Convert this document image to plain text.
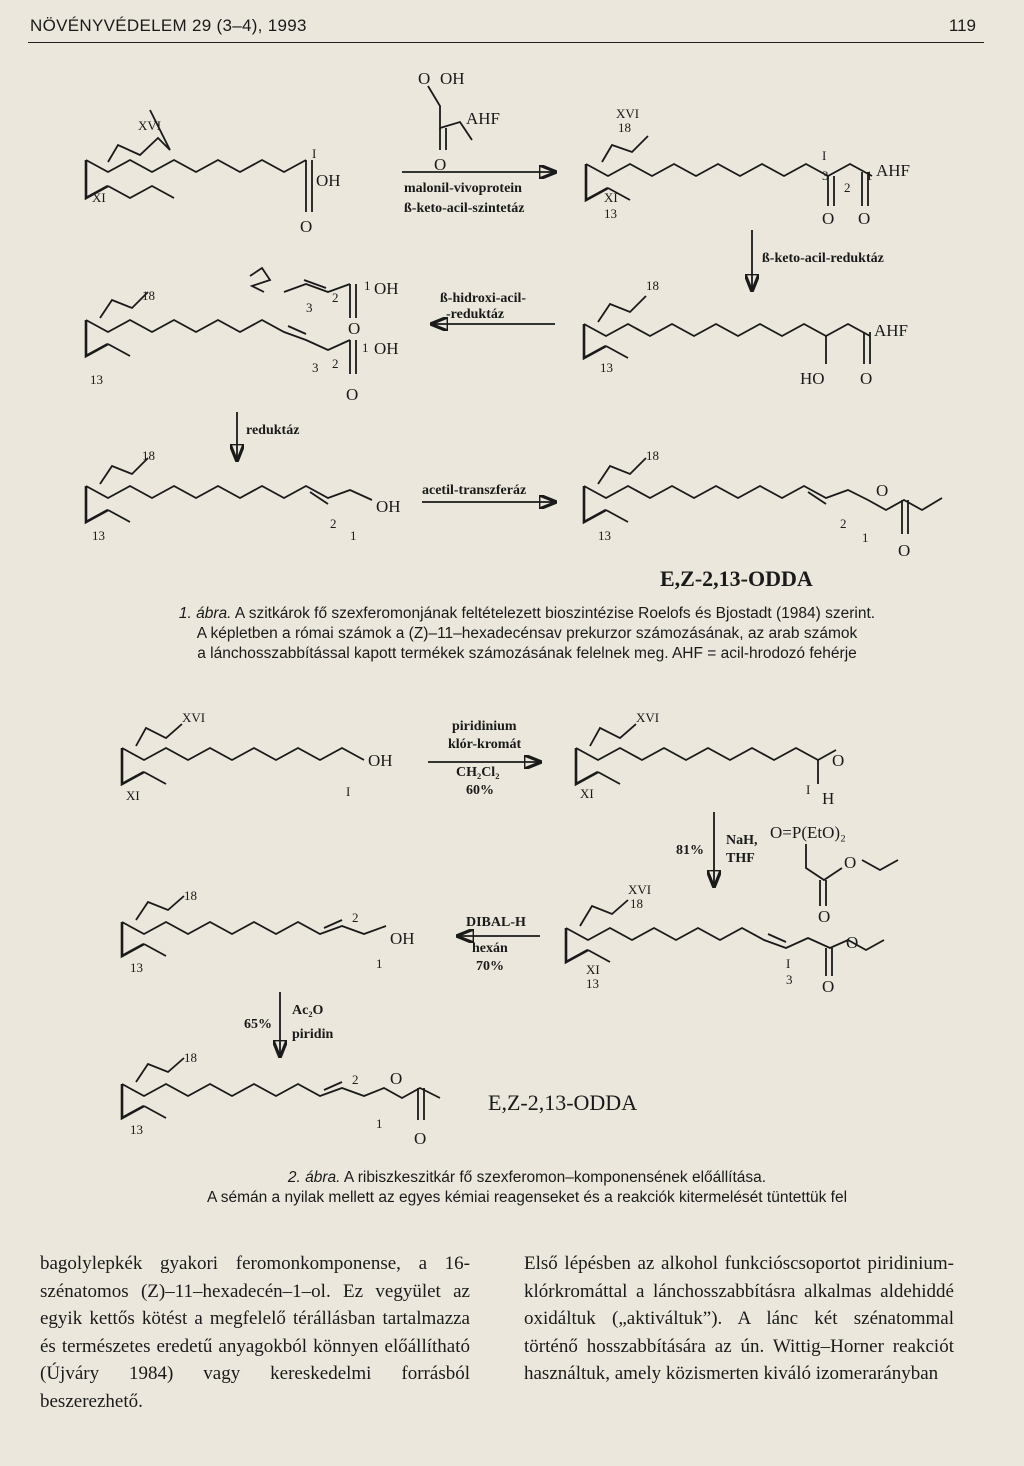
NÖVÉNYVÉDELEM 29 (3–4), 1993	119
OH
O
XVI
XI
I
O OH
AHF
O
malonil-vivoprotein
ß-keto-acil-szintetáz
AHF
O O
XVI
18
XI
13
I
3
2
1
ß-keto-acil-reduktáz
AHF
HO O
18
13
ß-hidroxi-acil-
-reduktáz
OH
O
3
2
1
OH
O
18
13
3 2
1
reduktáz
OH
18
13
2
1
acetil-transzferáz	O
O
18
13
2
1
E,Z-2,13-ODDA

1. ábra. A szitkárok fő szexferomonjának feltételezett bioszintézise Roelofs és Bjostadt (1984) szerint.

A képletben a római számok a (Z)–11–hexadecénsav prekurzor számozásának, az arab számok

a lánchosszabbítással kapott termékek számozásának felelnek meg. AHF = acil-hrodozó fehérje

OH
XVI
XI	I
piridinium
klór-kromát
CH₂Cl₂
60%
O
H
XVI
XI	I
NaH,
THF
81%
O=P(EtO)₂
O
O
O
O
XVI
18
XI
13
I
3
DIBAL-H
hexán
70%
OH
18
13
2
1
Ac₂O
piridin
65%
O
O
18
13
2
1
E,Z-2,13-ODDA

2. ábra. A ribiszkeszitkár fő szexferomon–komponensének előállítása.

A sémán a nyilak mellett az egyes kémiai reagenseket és a reakciók kitermelését tüntettük fel

bagolylepkék gyakori feromonkomponense, a 16-szénatomos (Z)–11–hexadecén–1–ol. Ez vegyület az egyik kettős kötést a megfelelő térállásban tartalmazza és természetes eredetű anyagokból könnyen előállítható (Újváry 1984) vagy kereskedelmi forrásból beszerezhető.

Első lépésben az alkohol funkcióscsoportot piridinium-klórkromáttal a lánchosszabbításra alkalmas aldehiddé oxidáltuk („aktiváltuk”). A lánc két szénatommal történő hosszabbítására az ún. Wittig–Horner reakciót használtuk, amely közismerten kiváló izomerarányban
